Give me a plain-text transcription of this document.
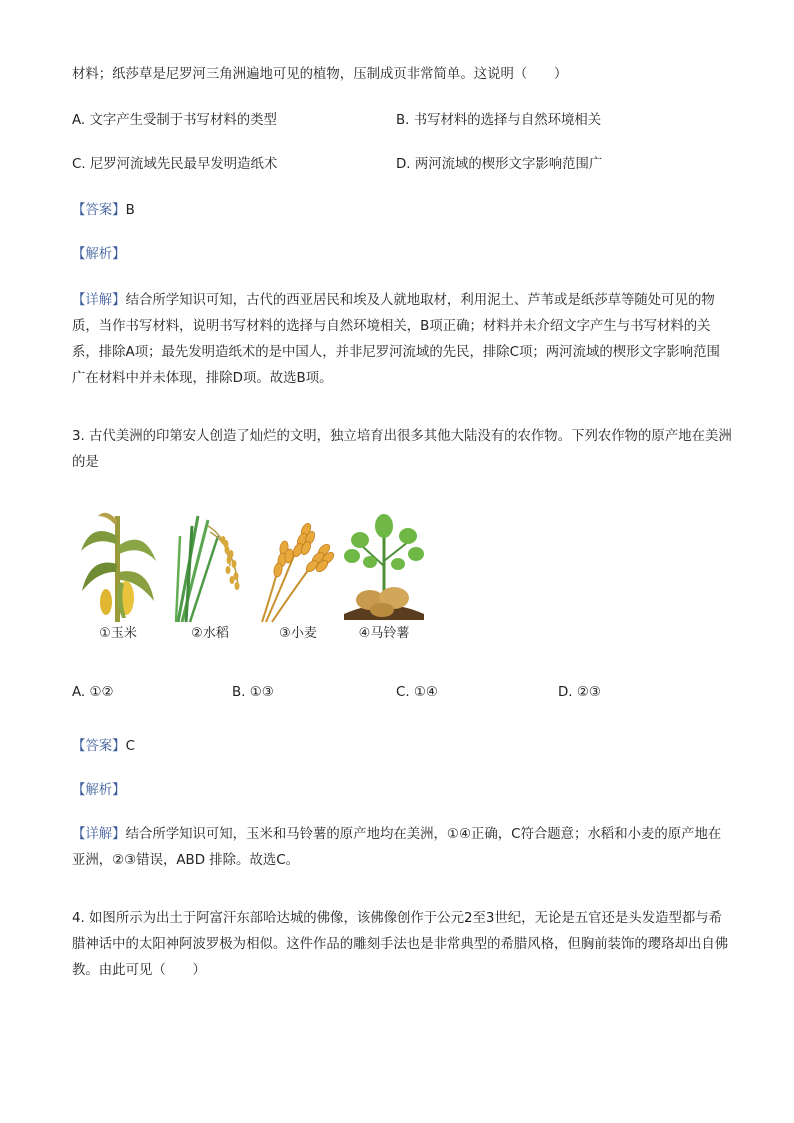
材料；纸莎草是尼罗河三角洲遍地可见的植物，压制成页非常简单。这说明（　　）

A. 文字产生受制于书写材料的类型	B. 书写材料的选择与自然环境相关
C. 尼罗河流域先民最早发明造纸术	D. 两河流域的楔形文字影响范围广
【答案】B
【解析】

【详解】结合所学知识可知，古代的西亚居民和埃及人就地取材，利用泥土、芦苇或是纸莎草等随处可见的物质，当作书写材料，说明书写材料的选择与自然环境相关，B项正确；材料并未介绍文字产生与书写材料的关系，排除A项；最先发明造纸术的是中国人，并非尼罗河流域的先民，排除C项；两河流域的楔形文字影响范围广在材料中并未体现，排除D项。故选B项。

3. 古代美洲的印第安人创造了灿烂的文明，独立培育出很多其他大陆没有的农作物。下列农作物的原产地在美洲的是

①玉米	②水稻	③小麦	④马铃薯
A. ①②	B. ①③	C. ①④	D. ②③
【答案】C
【解析】

【详解】结合所学知识可知，玉米和马铃薯的原产地均在美洲，①④正确，C符合题意；水稻和小麦的原产地在亚洲，②③错误，ABD 排除。故选C。

4. 如图所示为出土于阿富汗东部哈达城的佛像，该佛像创作于公元2至3世纪，无论是五官还是头发造型都与希腊神话中的太阳神阿波罗极为相似。这件作品的雕刻手法也是非常典型的希腊风格，但胸前装饰的璎珞却出自佛教。由此可见（　　）
